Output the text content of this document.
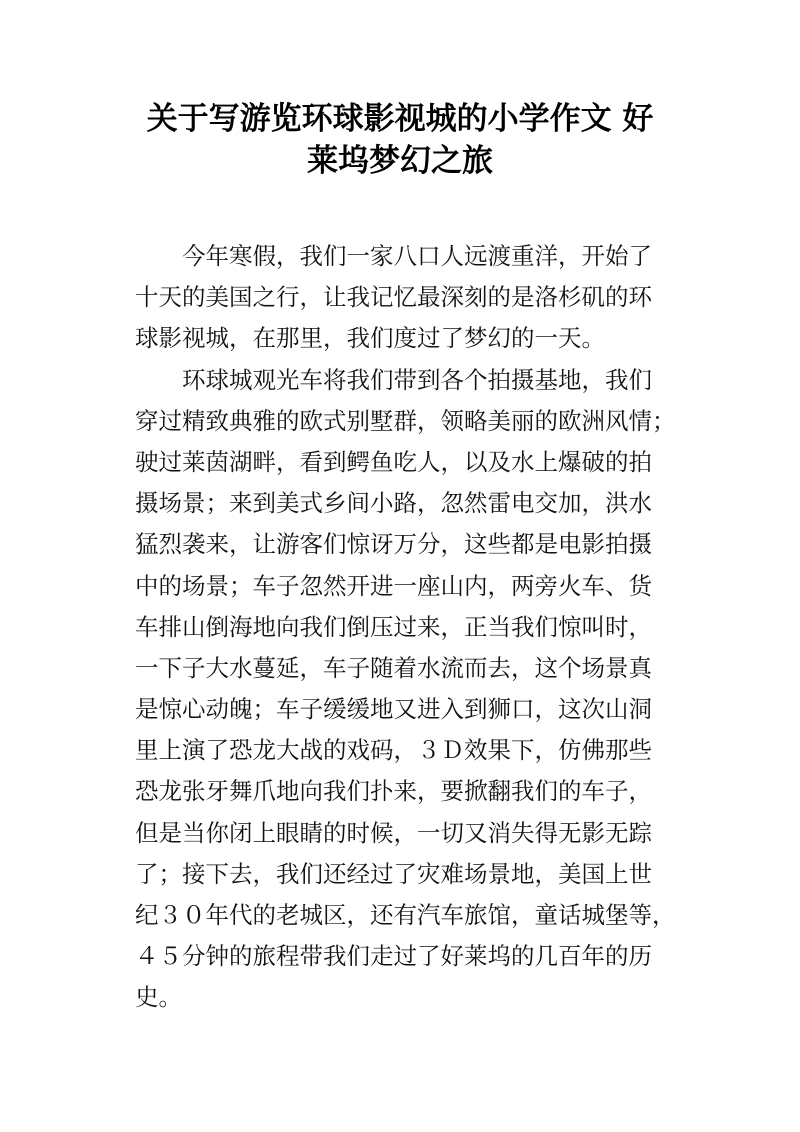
关于写游览环球影视城的小学作文 好
莱坞梦幻之旅
今年寒假，我们一家八口人远渡重洋，开始了
十天的美国之行，让我记忆最深刻的是洛杉矶的环
球影视城，在那里，我们度过了梦幻的一天。
环球城观光车将我们带到各个拍摄基地，我们
穿过精致典雅的欧式别墅群，领略美丽的欧洲风情；
驶过莱茵湖畔，看到鳄鱼吃人，以及水上爆破的拍
摄场景；来到美式乡间小路，忽然雷电交加，洪水
猛烈袭来，让游客们惊讶万分，这些都是电影拍摄
中的场景；车子忽然开进一座山内，两旁火车、货
车排山倒海地向我们倒压过来，正当我们惊叫时，
一下子大水蔓延，车子随着水流而去，这个场景真
是惊心动魄；车子缓缓地又进入到狮口，这次山洞
里上演了恐龙大战的戏码，３Ｄ效果下，仿佛那些
恐龙张牙舞爪地向我们扑来，要掀翻我们的车子，
但是当你闭上眼睛的时候，一切又消失得无影无踪
了；接下去，我们还经过了灾难场景地，美国上世
纪３０年代的老城区，还有汽车旅馆，童话城堡等，
４５分钟的旅程带我们走过了好莱坞的几百年的历
史。
